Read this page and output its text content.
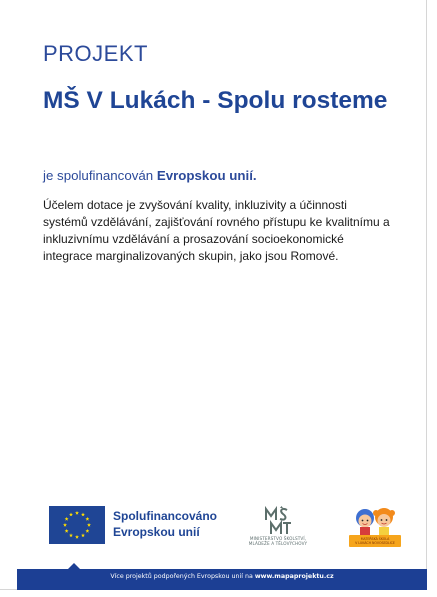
PROJEKT
MŠ V Lukách - Spolu rosteme

je spolufinancován Evropskou unií.

Účelem dotace je zvyšování kvality, inkluzivity a účinnosti systémů vzdělávání, zajišťování rovného přístupu ke kvalitnímu a inkluzivnímu vzdělávání a prosazování socioekonomické integrace marginalizovaných skupin, jako jsou Romové.

Spolufinancováno
Evropskou unií	MINISTERSTVO ŠKOLSTVÍ,
MLÁDEŽE A TĚLOVÝCHOVY
MATEŘSKÁ ŠKOLA
V LUKÁCH NOVOSEDLICE
Více projektů podpořených Evropskou unií na www.mapaprojektu.cz
